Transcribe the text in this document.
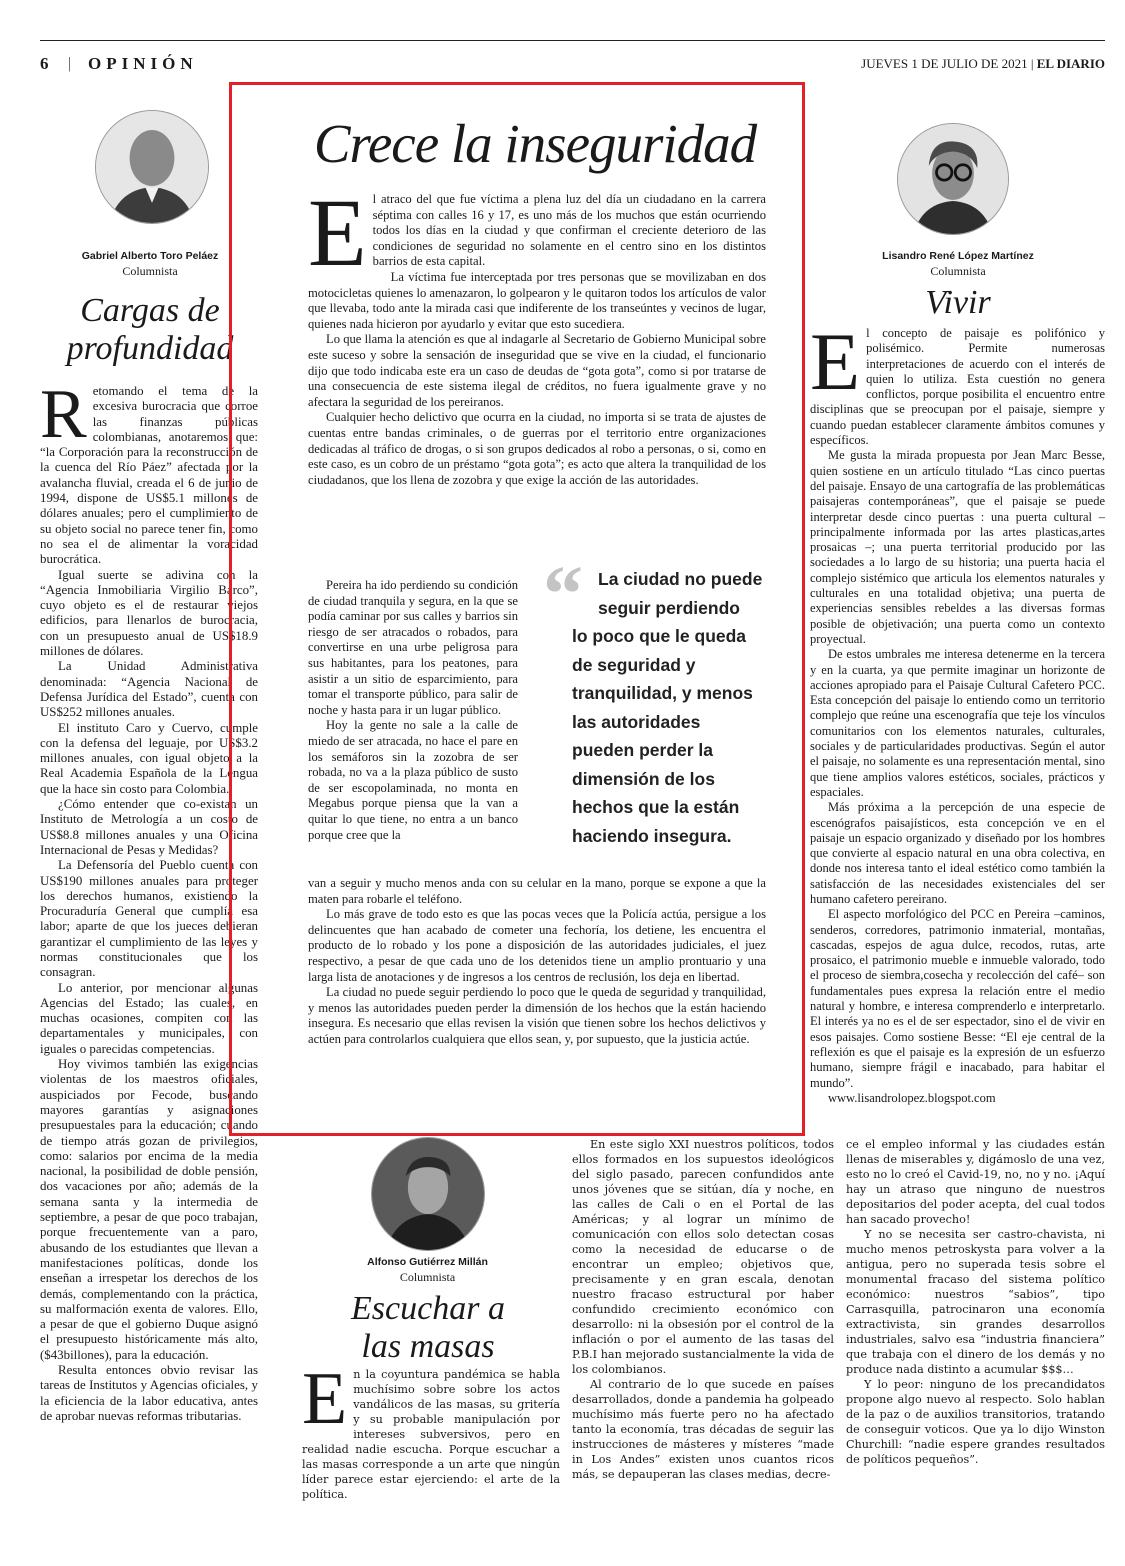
6 | OPINIÓN	JUEVES 1 DE JULIO DE 2021 | EL DIARIO
Gabriel Alberto Toro Peláez
Columnista
Cargas de
profundidad
R etomando el tema de la excesiva burocracia que corroe las finanzas públicas colombianas, anotaremos que: “la Corporación para la reconstrucción de la cuenca del Río Páez” afectada por la avalancha fluvial, creada el 6 de junio de 1994, dispone de US$5.1 millones de dólares anuales; pero el cumplimiento de su objeto social no parece tener fin, como no sea el de alimentar la voracidad burocrática.

Igual suerte se adivina con la “Agencia Inmobiliaria Virgilio Barco”, cuyo objeto es el de restaurar viejos edificios, para llenarlos de burocracia, con un presupuesto anual de US$18.9 millones de dólares.

La Unidad Administrativa denominada: “Agencia Nacional de Defensa Jurídica del Estado”, cuenta con US$252 millones anuales.

El instituto Caro y Cuervo, cumple con la defensa del leguaje, por US$3.2 millones anuales, con igual objeto a la Real Academia Española de la Lengua que la hace sin costo para Colombia.

¿Cómo entender que co-existan un Instituto de Metrología a un costo de US$8.8 millones anuales y una Oficina Internacional de Pesas y Medidas?

La Defensoría del Pueblo cuenta con US$190 millones anuales para proteger los derechos humanos, existiendo la Procuraduría General que cumplía esa labor; aparte de que los jueces debieran garantizar el cumplimiento de las leyes y normas constitucionales que los consagran.

Lo anterior, por mencionar algunas Agencias del Estado; las cuales, en muchas ocasiones, compiten con las departamentales y municipales, con iguales o parecidas competencias.

Hoy vivimos también las exigencias violentas de los maestros oficiales, auspiciados por Fecode, buscando mayores garantías y asignaciones presupuestales para la educación; cuando de tiempo atrás gozan de privilegios, como: salarios por encima de la media nacional, la posibilidad de doble pensión, dos vacaciones por año; además de la semana santa y la intermedia de septiembre, a pesar de que poco trabajan, porque frecuentemente van a paro, abusando de los estudiantes que llevan a manifestaciones políticas, donde los enseñan a irrespetar los derechos de los demás, complementando con la práctica, su malformación exenta de valores. Ello, a pesar de que el gobierno Duque asignó el presupuesto históricamente más alto, ($43billones), para la educación.

Resulta entonces obvio revisar las tareas de Institutos y Agencias oficiales, y la eficiencia de la labor educativa, antes de aprobar nuevas reformas tributarias.

Crece la inseguridad
E l atraco del que fue víctima a plena luz del día un ciudadano en la carrera séptima con calles 16 y 17, es uno más de los muchos que están ocurriendo todos los días en la ciudad y que confirman el creciente deterioro de las condiciones de seguridad no solamente en el centro sino en los distintos barrios de esta capital.

La víctima fue interceptada por tres personas que se movilizaban en dos motocicletas quienes lo amenazaron, lo golpearon y le quitaron todos los artículos de valor que llevaba, todo ante la mirada casi que indiferente de los transeúntes y vecinos de lugar, quienes nada hicieron por ayudarlo y evitar que esto sucediera.

Lo que llama la atención es que al indagarle al Secretario de Gobierno Municipal sobre este suceso y sobre la sensación de inseguridad que se vive en la ciudad, el funcionario dijo que todo indicaba este era un caso de deudas de “gota gota”, como si por tratarse de una consecuencia de este sistema ilegal de créditos, no fuera igualmente grave y no afectara la seguridad de los pereiranos.

Cualquier hecho delictivo que ocurra en la ciudad, no importa si se trata de ajustes de cuentas entre bandas criminales, o de guerras por el territorio entre organizaciones dedicadas al tráfico de drogas, o si son grupos dedicados al robo a personas, o si, como en este caso, es un cobro de un préstamo “gota gota”; es acto que altera la tranquilidad de los ciudadanos, que los llena de zozobra y que exige la acción de las autoridades.

Pereira ha ido perdiendo su condición de ciudad tranquila y segura, en la que se podía caminar por sus calles y barrios sin riesgo de ser atracados o robados, para convertirse en una urbe peligrosa para sus habitantes, para los peatones, para asistir a un sitio de esparcimiento, para tomar el transporte público, para salir de noche y hasta para ir un lugar público.

Hoy la gente no sale a la calle de miedo de ser atracada, no hace el pare en los semáforos sin la zozobra de ser robada, no va a la plaza público de susto de ser escopolaminada, no monta en Megabus porque piensa que la van a quitar lo que tiene, no entra a un banco porque cree que la

van a seguir y mucho menos anda con su celular en la mano, porque se expone a que la maten para robarle el teléfono.

Lo más grave de todo esto es que las pocas veces que la Policía actúa, persigue a los delincuentes que han acabado de cometer una fechoría, los detiene, les encuentra el producto de lo robado y los pone a disposición de las autoridades judiciales, el juez respectivo, a pesar de que cada uno de los detenidos tiene un amplio prontuario y una larga lista de anotaciones y de ingresos a los centros de reclusión, los deja en libertad.

La ciudad no puede seguir perdiendo lo poco que le queda de seguridad y tranquilidad, y menos las autoridades pueden perder la dimensión de los hechos que la están haciendo insegura. Es necesario que ellas revisen la visión que tienen sobre los hechos delictivos y actúen para controlarlos cualquiera que ellos sean, y, por supuesto, que la justicia actúe.

“ La ciudad no puede
seguir perdiendo
lo poco que le queda
de seguridad y
tranquilidad, y menos
las autoridades
pueden perder la
dimensión de los
hechos que la están
haciendo insegura.
Lisandro René López Martínez
Columnista
Vivir
E l concepto de paisaje es polifónico y polisémico. Permite numerosas interpretaciones de acuerdo con el interés de quien lo utiliza. Esta cuestión no genera conflictos, porque posibilita el encuentro entre disciplinas que se preocupan por el paisaje, siempre y cuando puedan establecer claramente ámbitos comunes y específicos.

Me gusta la mirada propuesta por Jean Marc Besse, quien sostiene en un artículo titulado “Las cinco puertas del paisaje. Ensayo de una cartografía de las problemáticas paisajeras contemporáneas”, que el paisaje se puede interpretar desde cinco puertas : una puerta cultural –principalmente informada por las artes plasticas,artes prosaicas –; una puerta territorial producido por las sociedades a lo largo de su historia; una puerta hacia el complejo sistémico que articula los elementos naturales y culturales en una totalidad objetiva; una puerta de experiencias sensibles rebeldes a las diversas formas posible de objetivación; una puerta como un contexto proyectual.

De estos umbrales me interesa detenerme en la tercera y en la cuarta, ya que permite imaginar un horizonte de acciones apropiado para el Paisaje Cultural Cafetero PCC. Esta concepción del paisaje lo entiendo como un territorio complejo que reúne una escenografía que teje los vínculos comunitarios con los elementos naturales, culturales, sociales y de particularidades productivas. Según el autor el paisaje, no solamente es una representación mental, sino que tiene amplios valores estéticos, sociales, prácticos y espaciales.

Más próxima a la percepción de una especie de escenógrafos paisajísticos, esta concepción ve en el paisaje un espacio organizado y diseñado por los hombres que convierte al espacio natural en una obra colectiva, en donde nos interesa tanto el ideal estético como también la satisfacción de las necesidades existenciales del ser humano cafetero pereirano.

El aspecto morfológico del PCC en Pereira –caminos, senderos, corredores, patrimonio inmaterial, montañas, cascadas, espejos de agua dulce, recodos, rutas, arte prosaico, el patrimonio mueble e inmueble valorado, todo el proceso de siembra,cosecha y recolección del café– son fundamentales pues expresa la relación entre el medio natural y hombre, e interesa comprenderlo e interpretarlo. El interés ya no es el de ser espectador, sino el de vivir en esos paisajes. Como sostiene Besse: “El eje central de la reflexión es que el paisaje es la expresión de un esfuerzo humano, siempre frágil e inacabado, para habitar el mundo”.

www.lisandrolopez.blogspot.com

Alfonso Gutiérrez Millán
Columnista
Escuchar a
las masas
E n la coyuntura pandémica se habla muchísimo sobre sobre los actos vandálicos de las masas, su gritería y su probable manipulación por intereses subversivos, pero en realidad nadie escucha. Porque escuchar a las masas corresponde a un arte que ningún líder parece estar ejerciendo: el arte de la política.

En este siglo XXI nuestros políticos, todos ellos formados en los supuestos ideológicos del siglo pasado, parecen confundidos ante unos jóvenes que se sitúan, día y noche, en las calles de Cali o en el Portal de las Américas; y al lograr un mínimo de comunicación con ellos solo detectan cosas como la necesidad de educarse o de encontrar un empleo; objetivos que, precisamente y en gran escala, denotan nuestro fracaso estructural por haber confundido crecimiento económico con desarrollo: ni la obsesión por el control de la inflación o por el aumento de las tasas del P.B.I han mejorado sustancialmente la vida de los colombianos.

Al contrario de lo que sucede en países desarrollados, donde a pandemia ha golpeado muchísimo más fuerte pero no ha afectado tanto la economía, tras décadas de seguir las instrucciones de másteres y místeres “made in Los Andes” existen unos cuantos ricos más, se depauperan las clases medias, decre-

ce el empleo informal y las ciudades están llenas de miserables y, digámoslo de una vez, esto no lo creó el Cavid-19, no, no y no. ¡Aquí hay un atraso que ninguno de nuestros depositarios del poder acepta, del cual todos han sacado provecho!

Y no se necesita ser castro-chavista, ni mucho menos petroskysta para volver a la antigua, pero no superada tesis sobre el monumental fracaso del sistema político económico: nuestros “sabios”, tipo Carrasquilla, patrocinaron una economía extractivista, sin grandes desarrollos industriales, salvo esa “industria financiera” que trabaja con el dinero de los demás y no produce nada distinto a acumular $$$…

Y lo peor: ninguno de los precandidatos propone algo nuevo al respecto. Solo hablan de la paz o de auxilios transitorios, tratando de conseguir voticos. Que ya lo dijo Winston Churchill: “nadie espere grandes resultados de políticos pequeños”.
